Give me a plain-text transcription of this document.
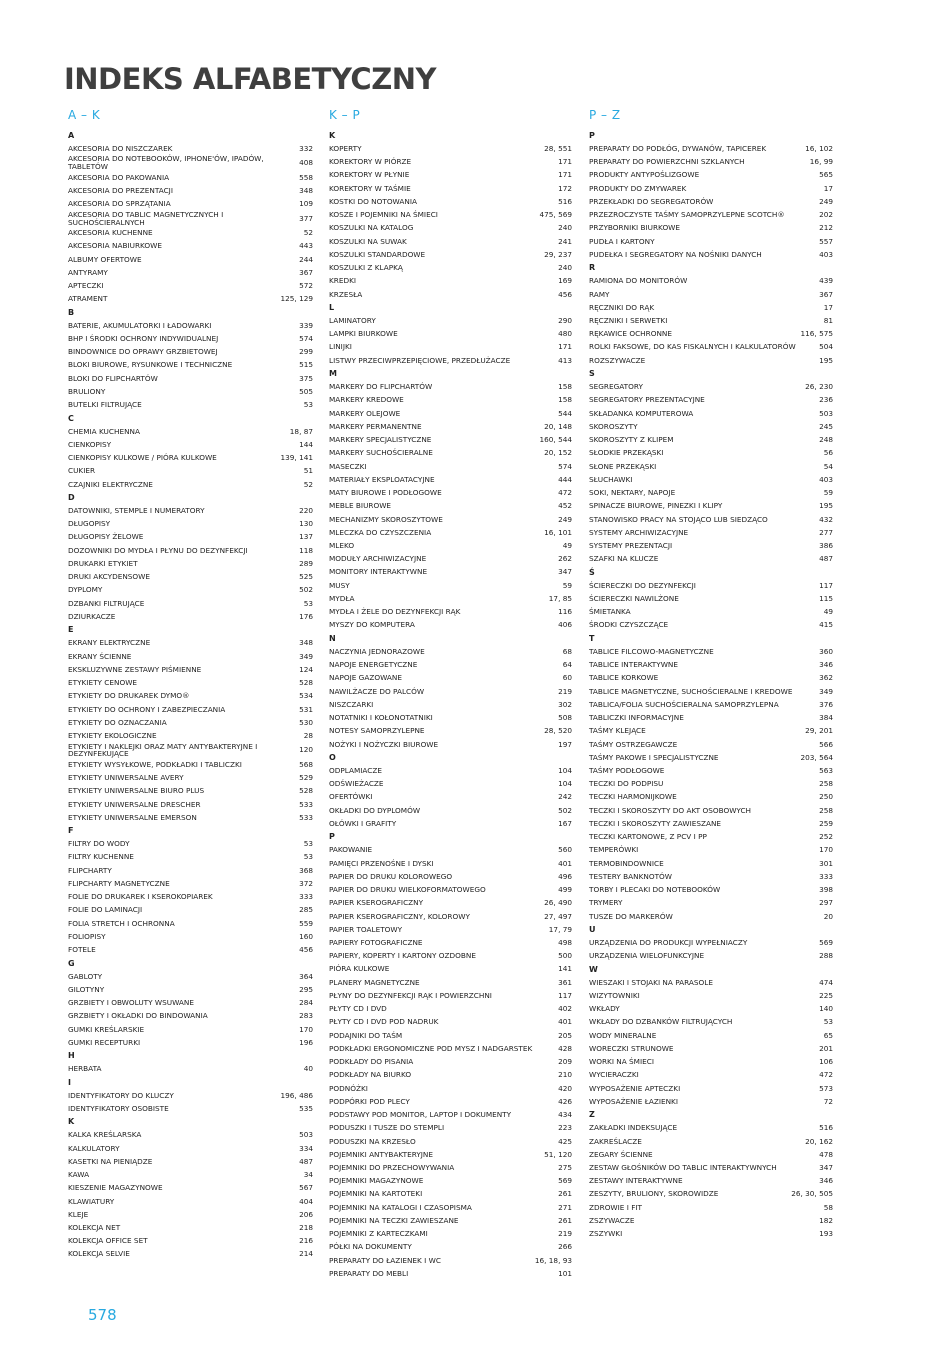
INDEKS ALFABETYCZNY
A – K
A
AKCESORIA DO NISZCZAREK	332
AKCESORIA DO NOTEBOOKÓW, IPHONE'ÓW, IPADÓW, TABLETÓW	408
AKCESORIA DO PAKOWANIA	558
AKCESORIA DO PREZENTACJI	348
AKCESORIA DO SPRZĄTANIA	109
AKCESORIA DO TABLIC MAGNETYCZNYCH I SUCHOŚCIERALNYCH	377
AKCESORIA KUCHENNE	52
AKCESORIA NABIURKOWE	443
ALBUMY OFERTOWE	244
ANTYRAMY	367
APTECZKI	572
ATRAMENT	125, 129
B
BATERIE, AKUMULATORKI I ŁADOWARKI	339
BHP I ŚRODKI OCHRONY INDYWIDUALNEJ	574
BINDOWNICE DO OPRAWY GRZBIETOWEJ	299
BLOKI BIUROWE, RYSUNKOWE I TECHNICZNE	515
BLOKI DO FLIPCHARTÓW	375
BRULIONY	505
BUTELKI FILTRUJĄCE	53
C
CHEMIA KUCHENNA	18, 87
CIENKOPISY	144
CIENKOPISY KULKOWE / PIÓRA KULKOWE	139, 141
CUKIER	51
CZAJNIKI ELEKTRYCZNE	52
D
DATOWNIKI, STEMPLE I NUMERATORY	220
DŁUGOPISY	130
DŁUGOPISY ŻELOWE	137
DOZOWNIKI DO MYDŁA I PŁYNU DO DEZYNFEKCJI	118
DRUKARKI ETYKIET	289
DRUKI AKCYDENSOWE	525
DYPLOMY	502
DZBANKI FILTRUJĄCE	53
DZIURKACZE	176
E
EKRANY ELEKTRYCZNE	348
EKRANY ŚCIENNE	349
EKSKLUZYWNE ZESTAWY PIŚMIENNE	124
ETYKIETY CENOWE	528
ETYKIETY DO DRUKAREK DYMO®	534
ETYKIETY DO OCHRONY I ZABEZPIECZANIA	531
ETYKIETY DO OZNACZANIA	530
ETYKIETY EKOLOGICZNE	28
ETYKIETY I NAKLEJKI ORAZ MATY ANTYBAKTERYJNE I DEZYNFEKUJĄCE	120
ETYKIETY WYSYŁKOWE, PODKŁADKI I TABLICZKI	568
ETYKIETY UNIWERSALNE AVERY	529
ETYKIETY UNIWERSALNE BIURO PLUS	528
ETYKIETY UNIWERSALNE DRESCHER	533
ETYKIETY UNIWERSALNE EMERSON	533
F
FILTRY DO WODY	53
FILTRY KUCHENNE	53
FLIPCHARTY	368
FLIPCHARTY MAGNETYCZNE	372
FOLIE DO DRUKAREK I KSEROKOPIAREK	333
FOLIE DO LAMINACJI	285
FOLIA STRETCH I OCHRONNA	559
FOLIOPISY	160
FOTELE	456
G
GABLOTY	364
GILOTYNY	295
GRZBIETY I OBWOLUTY WSUWANE	284
GRZBIETY I OKŁADKI DO BINDOWANIA	283
GUMKI KREŚLARSKIE	170
GUMKI RECEPTURKI	196
H
HERBATA	40
I
IDENTYFIKATORY DO KLUCZY	196, 486
IDENTYFIKATORY OSOBISTE	535
K
KALKA KREŚLARSKA	503
KALKULATORY	334
KASETKI NA PIENIĄDZE	487
KAWA	34
KIESZENIE MAGAZYNOWE	567
KLAWIATURY	404
KLEJE	206
KOLEKCJA NET	218
KOLEKCJA OFFICE SET	216
KOLEKCJA SELVIE	214
K – P
K
KOPERTY	28, 551
KOREKTORY W PIÓRZE	171
KOREKTORY W PŁYNIE	171
KOREKTORY W TAŚMIE	172
KOSTKI DO NOTOWANIA	516
KOSZE I POJEMNIKI NA ŚMIECI	475, 569
KOSZULKI NA KATALOG	240
KOSZULKI NA SUWAK	241
KOSZULKI STANDARDOWE	29, 237
KOSZULKI Z KLAPKĄ	240
KREDKI	169
KRZESŁA	456
L
LAMINATORY	290
LAMPKI BIURKOWE	480
LINIJKI	171
LISTWY PRZECIWPRZEPIĘCIOWE, PRZEDŁUŻACZE	413
M
MARKERY DO FLIPCHARTÓW	158
MARKERY KREDOWE	158
MARKERY OLEJOWE	544
MARKERY PERMANENTNE	20, 148
MARKERY SPECJALISTYCZNE	160, 544
MARKERY SUCHOŚCIERALNE	20, 152
MASECZKI	574
MATERIAŁY EKSPLOATACYJNE	444
MATY BIUROWE I PODŁOGOWE	472
MEBLE BIUROWE	452
MECHANIZMY SKOROSZYTOWE	249
MLECZKA DO CZYSZCZENIA	16, 101
MLEKO	49
MODUŁY ARCHIWIZACYJNE	262
MONITORY INTERAKTYWNE	347
MUSY	59
MYDŁA	17, 85
MYDŁA I ŻELE DO DEZYNFEKCJI RĄK	116
MYSZY DO KOMPUTERA	406
N
NACZYNIA JEDNORAZOWE	68
NAPOJE ENERGETYCZNE	64
NAPOJE GAZOWANE	60
NAWILŻACZE DO PALCÓW	219
NISZCZARKI	302
NOTATNIKI I KOŁONOTATNIKI	508
NOTESY SAMOPRZYLEPNE	28, 520
NOŻYKI I NOŻYCZKI BIUROWE	197
O
ODPLAMIACZE	104
ODŚWIEŻACZE	104
OFERTÓWKI	242
OKŁADKI DO DYPLOMÓW	502
OŁÓWKI I GRAFITY	167
P
PAKOWANIE	560
PAMIĘCI PRZENOŚNE I DYSKI	401
PAPIER DO DRUKU KOLOROWEGO	496
PAPIER DO DRUKU WIELKOFORMATOWEGO	499
PAPIER KSEROGRAFICZNY	26, 490
PAPIER KSEROGRAFICZNY, KOLOROWY	27, 497
PAPIER TOALETOWY	17, 79
PAPIERY FOTOGRAFICZNE	498
PAPIERY, KOPERTY I KARTONY OZDOBNE	500
PIÓRA KULKOWE	141
PLANERY MAGNETYCZNE	361
PŁYNY DO DEZYNFEKCJI RĄK I POWIERZCHNI	117
PŁYTY CD I DVD	402
PŁYTY CD I DVD POD NADRUK	401
PODAJNIKI DO TAŚM	205
PODKŁADKI ERGONOMICZNE POD MYSZ I NADGARSTEK	428
PODKŁADY DO PISANIA	209
PODKŁADY NA BIURKO	210
PODNÓŻKI	420
PODPÓRKI POD PLECY	426
PODSTAWY POD MONITOR, LAPTOP I DOKUMENTY	434
PODUSZKI I TUSZE DO STEMPLI	223
PODUSZKI NA KRZESŁO	425
POJEMNIKI ANTYBAKTERYJNE	51, 120
POJEMNIKI DO PRZECHOWYWANIA	275
POJEMNIKI MAGAZYNOWE	569
POJEMNIKI NA KARTOTEKI	261
POJEMNIKI NA KATALOGI I CZASOPISMA	271
POJEMNIKI NA TECZKI ZAWIESZANE	261
POJEMNIKI Z KARTECZKAMI	219
PÓŁKI NA DOKUMENTY	266
PREPARATY DO ŁAZIENEK I WC	16, 18, 93
PREPARATY DO MEBLI	101
P – Z
P
PREPARATY DO PODŁÓG, DYWANÓW, TAPICEREK	16, 102
PREPARATY DO POWIERZCHNI SZKLANYCH	16, 99
PRODUKTY ANTYPOŚLIZGOWE	565
PRODUKTY DO ZMYWAREK	17
PRZEKŁADKI DO SEGREGATORÓW	249
PRZEZROCZYSTE TAŚMY SAMOPRZYLEPNE SCOTCH®	202
PRZYBORNIKI BIURKOWE	212
PUDŁA I KARTONY	557
PUDEŁKA I SEGREGATORY NA NOŚNIKI DANYCH	403
R
RAMIONA DO MONITORÓW	439
RAMY	367
RĘCZNIKI DO RĄK	17
RĘCZNIKI I SERWETKI	81
RĘKAWICE OCHRONNE	116, 575
ROLKI FAKSOWE, DO KAS FISKALNYCH I KALKULATORÓW	504
ROZSZYWACZE	195
S
SEGREGATORY	26, 230
SEGREGATORY PREZENTACYJNE	236
SKŁADANKA KOMPUTEROWA	503
SKOROSZYTY	245
SKOROSZYTY Z KLIPEM	248
SŁODKIE PRZEKĄSKI	56
SŁONE PRZEKĄSKI	54
SŁUCHAWKI	403
SOKI, NEKTARY, NAPOJE	59
SPINACZE BIUROWE, PINEZKI I KLIPY	195
STANOWISKO PRACY NA STOJĄCO LUB SIEDZĄCO	432
SYSTEMY ARCHIWIZACYJNE	277
SYSTEMY PREZENTACJI	386
SZAFKI NA KLUCZE	487
Ś
ŚCIERECZKI DO DEZYNFEKCJI	117
ŚCIERECZKI NAWILŻONE	115
ŚMIETANKA	49
ŚRODKI CZYSZCZĄCE	415
T
TABLICE FILCOWO-MAGNETYCZNE	360
TABLICE INTERAKTYWNE	346
TABLICE KORKOWE	362
TABLICE MAGNETYCZNE, SUCHOŚCIERALNE I KREDOWE	349
TABLICA/FOLIA SUCHOŚCIERALNA SAMOPRZYLEPNA	376
TABLICZKI INFORMACYJNE	384
TAŚMY KLEJĄCE	29, 201
TAŚMY OSTRZEGAWCZE	566
TAŚMY PAKOWE I SPECJALISTYCZNE	203, 564
TAŚMY PODŁOGOWE	563
TECZKI DO PODPISU	258
TECZKI HARMONIJKOWE	250
TECZKI I SKOROSZYTY DO AKT OSOBOWYCH	258
TECZKI I SKOROSZYTY ZAWIESZANE	259
TECZKI KARTONOWE, Z PCV I PP	252
TEMPERÓWKI	170
TERMOBINDOWNICE	301
TESTERY BANKNOTÓW	333
TORBY I PLECAKI DO NOTEBOOKÓW	398
TRYMERY	297
TUSZE DO MARKERÓW	20
U
URZĄDZENIA DO PRODUKCJI WYPEŁNIACZY	569
URZĄDZENIA WIELOFUNKCYJNE	288
W
WIESZAKI I STOJAKI NA PARASOLE	474
WIZYTOWNIKI	225
WKŁADY	140
WKŁADY DO DZBANKÓW FILTRUJĄCYCH	53
WODY MINERALNE	65
WORECZKI STRUNOWE	201
WORKI NA ŚMIECI	106
WYCIERACZKI	472
WYPOSAŻENIE APTECZKI	573
WYPOSAŻENIE ŁAZIENKI	72
Z
ZAKŁADKI INDEKSUJĄCE	516
ZAKREŚLACZE	20, 162
ZEGARY ŚCIENNE	478
ZESTAW GŁOŚNIKÓW DO TABLIC INTERAKTYWNYCH	347
ZESTAWY INTERAKTYWNE	346
ZESZYTY, BRULIONY, SKOROWIDZE	26, 30, 505
ZDROWIE I FIT	58
ZSZYWACZE	182
ZSZYWKI	193
578
